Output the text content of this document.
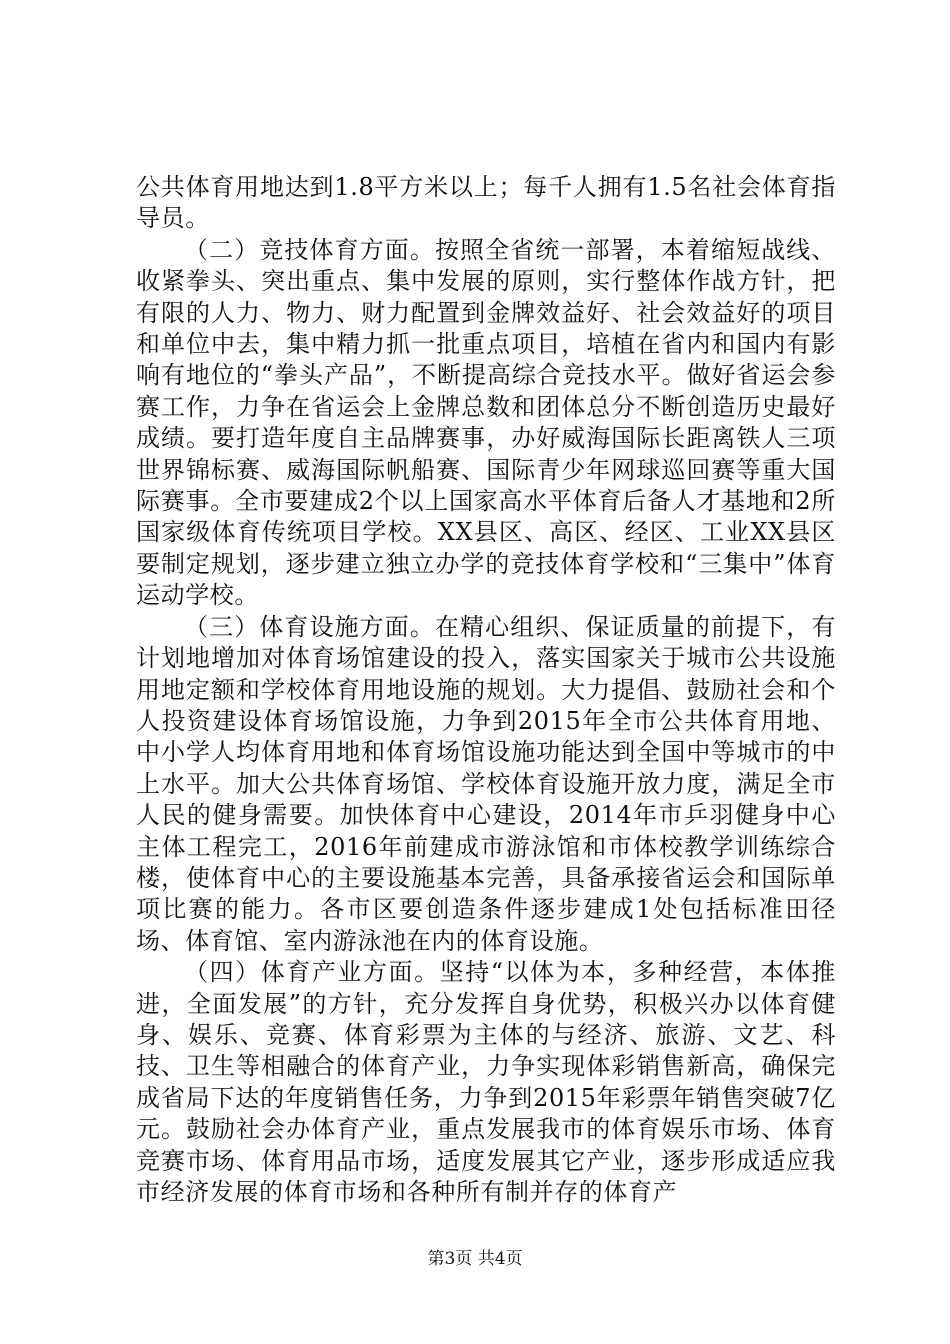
公共体育用地达到1.8平方米以上；每千人拥有1.5名社会体育指导员。

（二）竞技体育方面。按照全省统一部署，本着缩短战线、收紧拳头、突出重点、集中发展的原则，实行整体作战方针，把有限的人力、物力、财力配置到金牌效益好、社会效益好的项目和单位中去，集中精力抓一批重点项目，培植在省内和国内有影响有地位的“拳头产品”，不断提高综合竞技水平。做好省运会参赛工作，力争在省运会上金牌总数和团体总分不断创造历史最好成绩。要打造年度自主品牌赛事，办好威海国际长距离铁人三项世界锦标赛、威海国际帆船赛、国际青少年网球巡回赛等重大国际赛事。全市要建成2个以上国家高水平体育后备人才基地和2所国家级体育传统项目学校。XX县区、高区、经区、工业XX县区要制定规划，逐步建立独立办学的竞技体育学校和“三集中”体育运动学校。

（三）体育设施方面。在精心组织、保证质量的前提下，有计划地增加对体育场馆建设的投入，落实国家关于城市公共设施用地定额和学校体育用地设施的规划。大力提倡、鼓励社会和个人投资建设体育场馆设施，力争到2015年全市公共体育用地、中小学人均体育用地和体育场馆设施功能达到全国中等城市的中上水平。加大公共体育场馆、学校体育设施开放力度，满足全市人民的健身需要。加快体育中心建设，2014年市乒羽健身中心主体工程完工，2016年前建成市游泳馆和市体校教学训练综合楼，使体育中心的主要设施基本完善，具备承接省运会和国际单项比赛的能力。各市区要创造条件逐步建成1处包括标准田径场、体育馆、室内游泳池在内的体育设施。

（四）体育产业方面。坚持“以体为本，多种经营，本体推进，全面发展”的方针，充分发挥自身优势，积极兴办以体育健身、娱乐、竞赛、体育彩票为主体的与经济、旅游、文艺、科技、卫生等相融合的体育产业，力争实现体彩销售新高，确保完成省局下达的年度销售任务，力争到2015年彩票年销售突破7亿元。鼓励社会办体育产业，重点发展我市的体育娱乐市场、体育竞赛市场、体育用品市场，适度发展其它产业，逐步形成适应我市经济发展的体育市场和各种所有制并存的体育产

第3页 共4页
